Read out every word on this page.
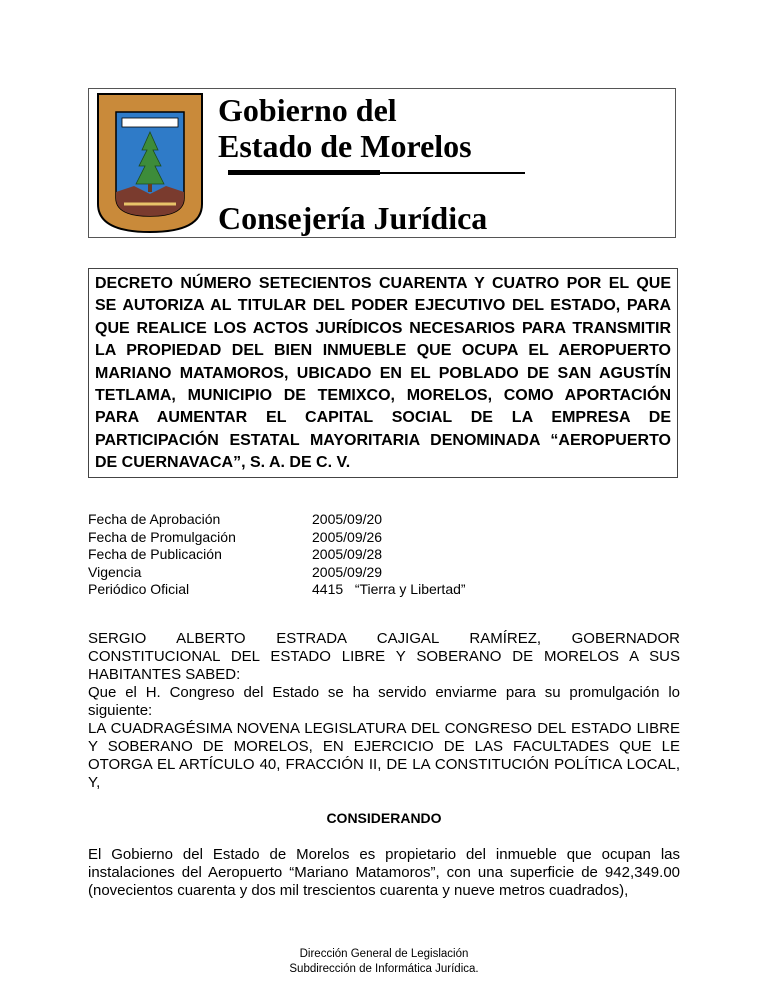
Gobierno del
Estado de Morelos
Consejería Jurídica

DECRETO NÚMERO SETECIENTOS CUARENTA Y CUATRO POR EL QUE SE AUTORIZA AL TITULAR DEL PODER EJECUTIVO DEL ESTADO, PARA QUE REALICE LOS ACTOS JURÍDICOS NECESARIOS PARA TRANSMITIR LA PROPIEDAD DEL BIEN INMUEBLE QUE OCUPA EL AEROPUERTO MARIANO MATAMOROS, UBICADO EN EL POBLADO DE SAN AGUSTÍN TETLAMA, MUNICIPIO DE TEMIXCO, MORELOS, COMO APORTACIÓN PARA AUMENTAR EL CAPITAL SOCIAL DE LA EMPRESA DE PARTICIPACIÓN ESTATAL MAYORITARIA DENOMINADA “AEROPUERTO DE CUERNAVACA”, S. A. DE C. V.

Fecha de Aprobación	2005/09/20
Fecha de Promulgación	2005/09/26
Fecha de Publicación	2005/09/28
Vigencia	2005/09/29
Periódico Oficial	4415   “Tierra y Libertad”

SERGIO ALBERTO ESTRADA CAJIGAL RAMÍREZ, GOBERNADOR CONSTITUCIONAL DEL ESTADO LIBRE Y SOBERANO DE MORELOS A SUS HABITANTES SABED:

Que el H. Congreso del Estado se ha servido enviarme para su promulgación lo siguiente:

LA CUADRAGÉSIMA NOVENA LEGISLATURA DEL CONGRESO DEL ESTADO LIBRE Y SOBERANO DE MORELOS, EN EJERCICIO DE LAS FACULTADES QUE LE OTORGA EL ARTÍCULO 40, FRACCIÓN II, DE LA CONSTITUCIÓN POLÍTICA LOCAL, Y,

CONSIDERANDO

El Gobierno del Estado de Morelos es propietario del inmueble que ocupan las instalaciones del Aeropuerto “Mariano Matamoros”, con una superficie de 942,349.00 (novecientos cuarenta y dos mil trescientos cuarenta y nueve metros cuadrados),

Dirección General de Legislación
Subdirección de Informática Jurídica.
